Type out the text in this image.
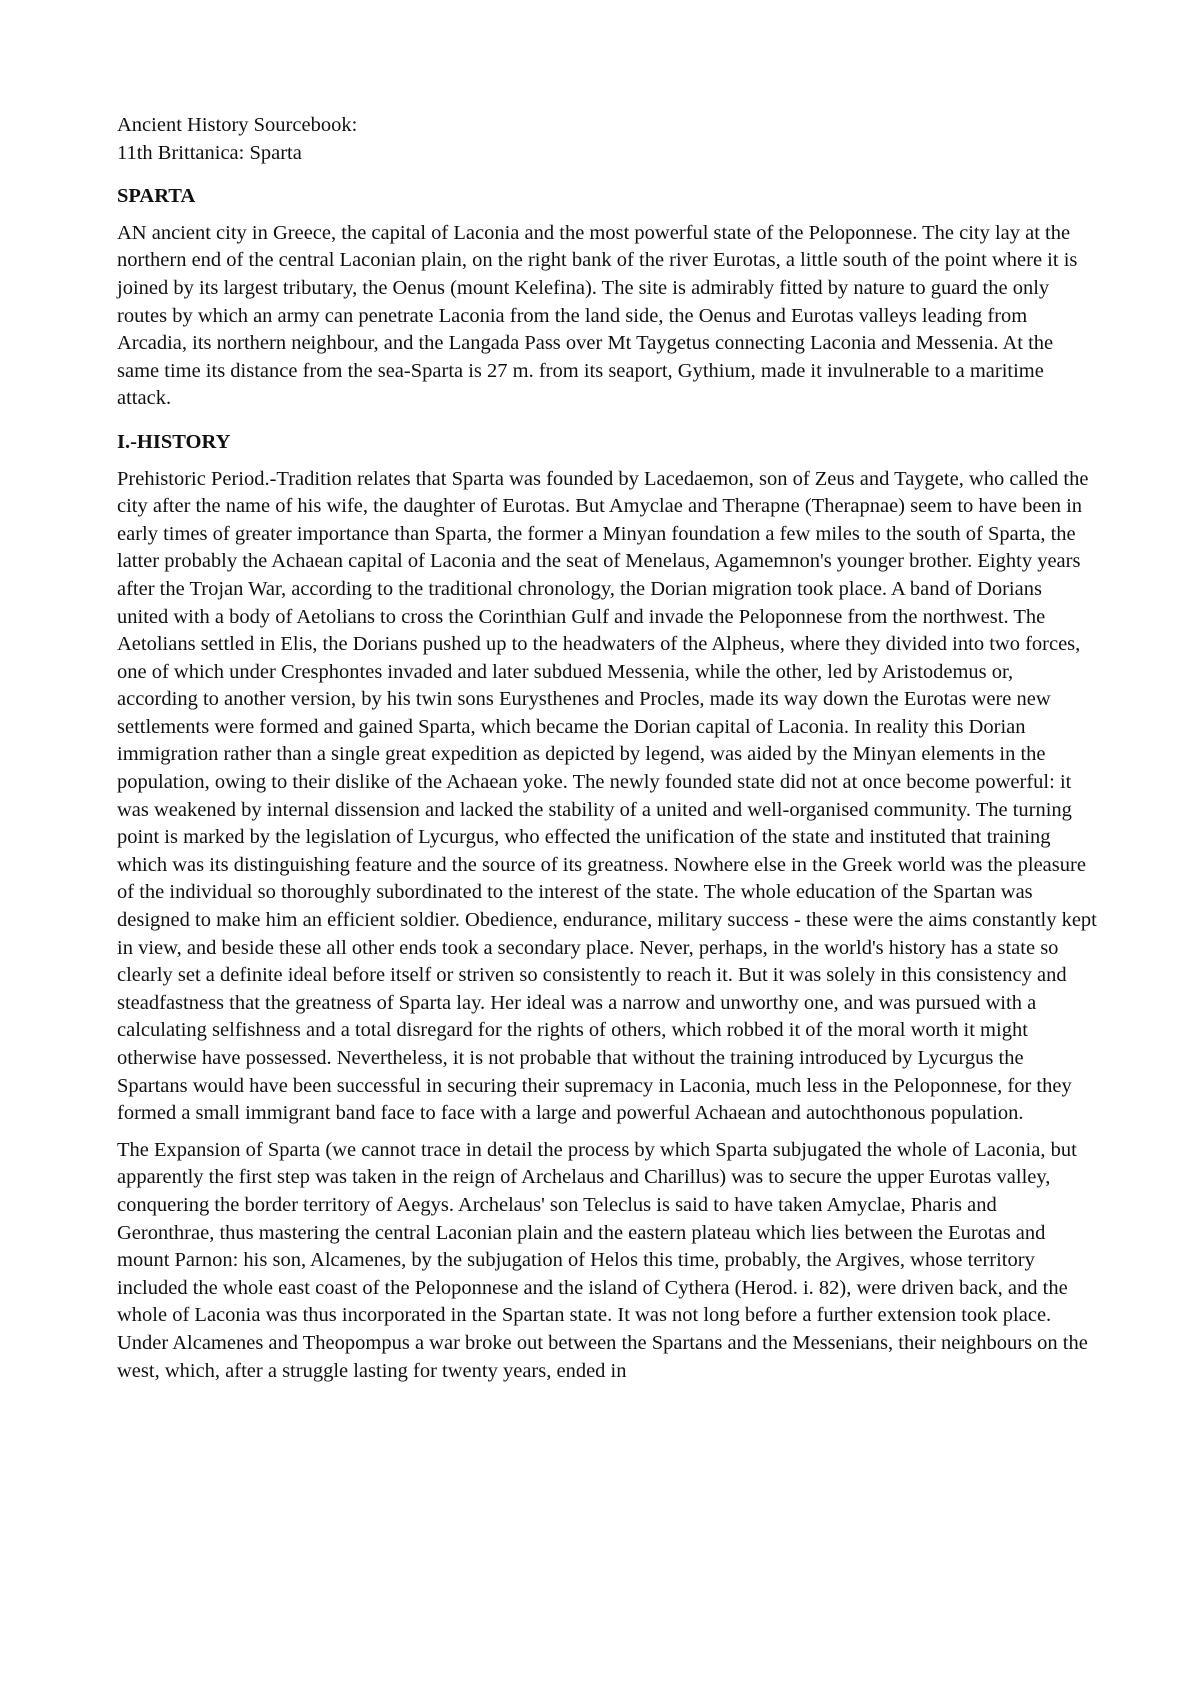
Ancient History Sourcebook:

11th Brittanica: Sparta

SPARTA

AN ancient city in Greece, the capital of Laconia and the most powerful state of the Peloponnese. The city lay at the northern end of the central Laconian plain, on the right bank of the river Eurotas, a little south of the point where it is joined by its largest tributary, the Oenus (mount Kelefina). The site is admirably fitted by nature to guard the only routes by which an army can penetrate Laconia from the land side, the Oenus and Eurotas valleys leading from Arcadia, its northern neighbour, and the Langada Pass over Mt Taygetus connecting Laconia and Messenia. At the same time its distance from the sea-Sparta is 27 m. from its seaport, Gythium, made it invulnerable to a maritime attack.

I.-HISTORY

Prehistoric Period.-Tradition relates that Sparta was founded by Lacedaemon, son of Zeus and Taygete, who called the city after the name of his wife, the daughter of Eurotas. But Amyclae and Therapne (Therapnae) seem to have been in early times of greater importance than Sparta, the former a Minyan foundation a few miles to the south of Sparta, the latter probably the Achaean capital of Laconia and the seat of Menelaus, Agamemnon's younger brother. Eighty years after the Trojan War, according to the traditional chronology, the Dorian migration took place. A band of Dorians united with a body of Aetolians to cross the Corinthian Gulf and invade the Peloponnese from the northwest. The Aetolians settled in Elis, the Dorians pushed up to the headwaters of the Alpheus, where they divided into two forces, one of which under Cresphontes invaded and later subdued Messenia, while the other, led by Aristodemus or, according to another version, by his twin sons Eurysthenes and Procles, made its way down the Eurotas were new settlements were formed and gained Sparta, which became the Dorian capital of Laconia. In reality this Dorian immigration rather than a single great expedition as depicted by legend, was aided by the Minyan elements in the population, owing to their dislike of the Achaean yoke. The newly founded state did not at once become powerful: it was weakened by internal dissension and lacked the stability of a united and well-organised community. The turning point is marked by the legislation of Lycurgus, who effected the unification of the state and instituted that training which was its distinguishing feature and the source of its greatness. Nowhere else in the Greek world was the pleasure of the individual so thoroughly subordinated to the interest of the state. The whole education of the Spartan was designed to make him an efficient soldier. Obedience, endurance, military success - these were the aims constantly kept in view, and beside these all other ends took a secondary place. Never, perhaps, in the world's history has a state so clearly set a definite ideal before itself or striven so consistently to reach it. But it was solely in this consistency and steadfastness that the greatness of Sparta lay. Her ideal was a narrow and unworthy one, and was pursued with a calculating selfishness and a total disregard for the rights of others, which robbed it of the moral worth it might otherwise have possessed. Nevertheless, it is not probable that without the training introduced by Lycurgus the Spartans would have been successful in securing their supremacy in Laconia, much less in the Peloponnese, for they formed a small immigrant band face to face with a large and powerful Achaean and autochthonous population.

The Expansion of Sparta (we cannot trace in detail the process by which Sparta subjugated the whole of Laconia, but apparently the first step was taken in the reign of Archelaus and Charillus) was to secure the upper Eurotas valley, conquering the border territory of Aegys. Archelaus' son Teleclus is said to have taken Amyclae, Pharis and Geronthrae, thus mastering the central Laconian plain and the eastern plateau which lies between the Eurotas and mount Parnon: his son, Alcamenes, by the subjugation of Helos this time, probably, the Argives, whose territory included the whole east coast of the Peloponnese and the island of Cythera (Herod. i. 82), were driven back, and the whole of Laconia was thus incorporated in the Spartan state. It was not long before a further extension took place. Under Alcamenes and Theopompus a war broke out between the Spartans and the Messenians, their neighbours on the west, which, after a struggle lasting for twenty years, ended in
